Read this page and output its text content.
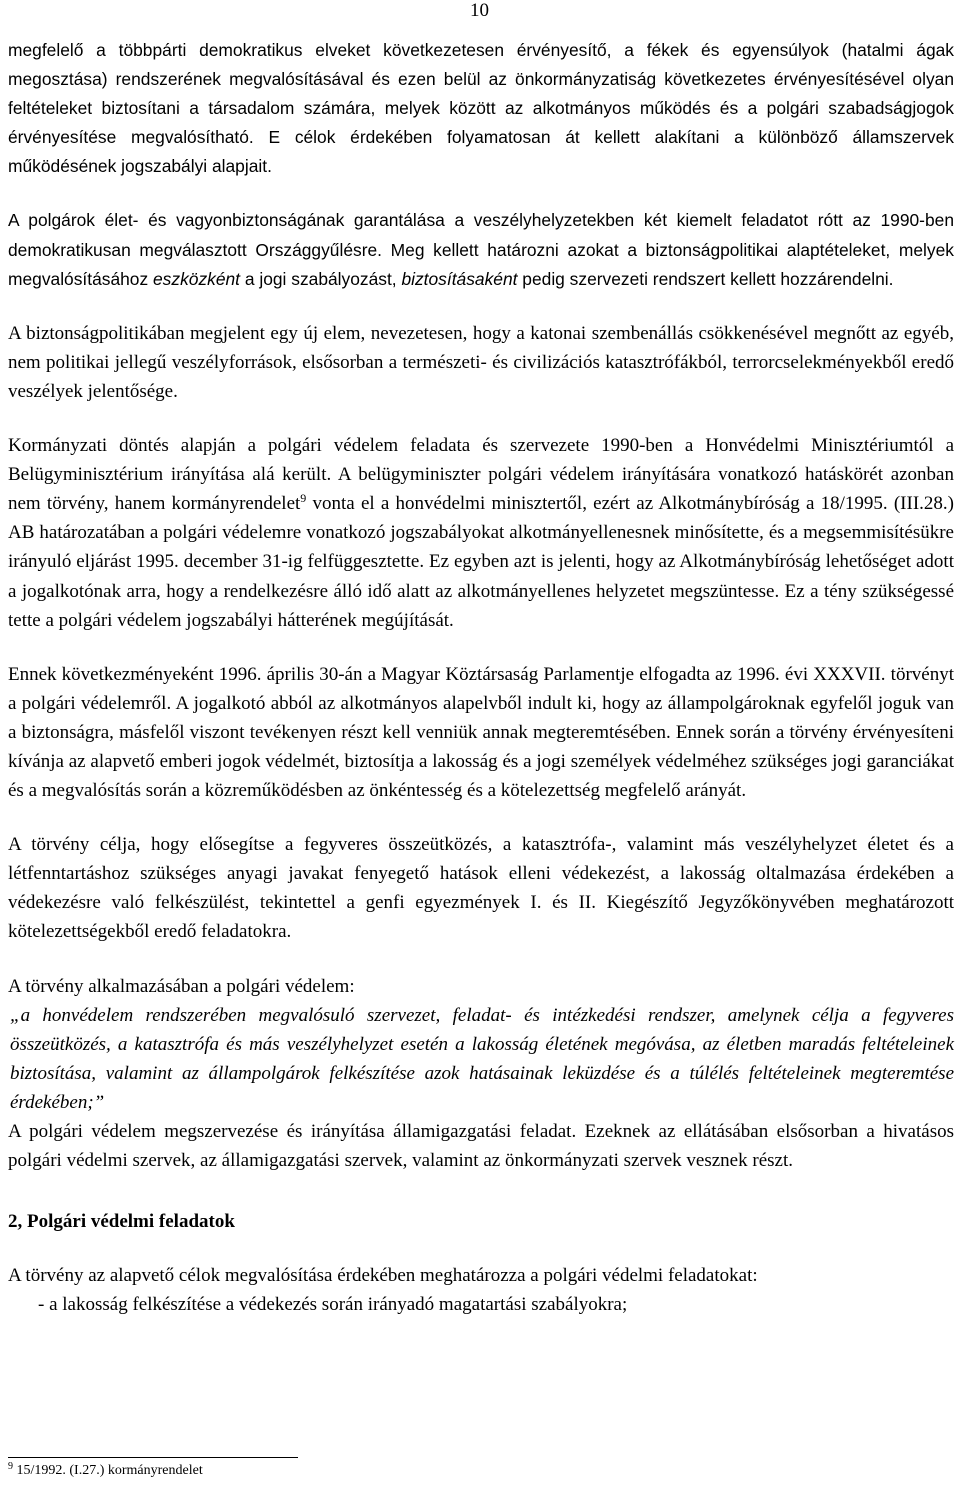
10

megfelelő a többpárti demokratikus elveket következetesen érvényesítő, a fékek és egyensúlyok (hatalmi ágak megosztása) rendszerének megvalósításával és ezen belül az önkormányzatiság következetes érvényesítésével olyan feltételeket biztosítani a társadalom számára, melyek között az alkotmányos működés és a polgári szabadságjogok érvényesítése megvalósítható. E célok érdekében folyamatosan át kellett alakítani a különböző államszervek működésének jogszabályi alapjait.

A polgárok élet- és vagyonbiztonságának garantálása a veszélyhelyzetekben két kiemelt feladatot rótt az 1990-ben demokratikusan megválasztott Országgyűlésre. Meg kellett határozni azokat a biztonságpolitikai alaptételeket, melyek megvalósításához eszközként a jogi szabályozást, biztosításaként pedig szervezeti rendszert kellett hozzárendelni.

A biztonságpolitikában megjelent egy új elem, nevezetesen, hogy a katonai szembenállás csökkenésével megnőtt az egyéb, nem politikai jellegű veszélyforrások, elsősorban a természeti- és civilizációs katasztrófákból, terrorcselekményekből eredő veszélyek jelentősége.

Kormányzati döntés alapján a polgári védelem feladata és szervezete 1990-ben a Honvédelmi Minisztériumtól a Belügyminisztérium irányítása alá került. A belügyminiszter polgári védelem irányítására vonatkozó hatáskörét azonban nem törvény, hanem kormányrendelet$^9$ vonta el a honvédelmi minisztertől, ezért az Alkotmánybíróság a 18/1995. (III.28.) AB határozatában a polgári védelemre vonatkozó jogszabályokat alkotmányellenesnek minősítette, és a megsemmisítésükre irányuló eljárást 1995. december 31-ig felfüggesztette. Ez egyben azt is jelenti, hogy az Alkotmánybíróság lehetőséget adott a jogalkotónak arra, hogy a rendelkezésre álló idő alatt az alkotmányellenes helyzetet megszüntesse. Ez a tény szükségessé tette a polgári védelem jogszabályi hátterének megújítását.

Ennek következményeként 1996. április 30-án a Magyar Köztársaság Parlamentje elfogadta az 1996. évi XXXVII. törvényt a polgári védelemről. A jogalkotó abból az alkotmányos alapelvből indult ki, hogy az állampolgároknak egyfelől joguk van a biztonságra, másfelől viszont tevékenyen részt kell venniük annak megteremtésében. Ennek során a törvény érvényesíteni kívánja az alapvető emberi jogok védelmét, biztosítja a lakosság és a jogi személyek védelméhez szükséges jogi garanciákat és a megvalósítás során a közreműködésben az önkéntesség és a kötelezettség megfelelő arányát.

A törvény célja, hogy elősegítse a fegyveres összeütközés, a katasztrófa-, valamint más veszélyhelyzet életet és a létfenntartáshoz szükséges anyagi javakat fenyegető hatások elleni védekezést, a lakosság oltalmazása érdekében a védekezésre való felkészülést, tekintettel a genfi egyezmények I. és II. Kiegészítő Jegyzőkönyvében meghatározott kötelezettségekből eredő feladatokra.

A törvény alkalmazásában a polgári védelem:

„a honvédelem rendszerében megvalósuló szervezet, feladat- és intézkedési rendszer, amelynek célja a fegyveres összeütközés, a katasztrófa és más veszélyhelyzet esetén a lakosság életének megóvása, az életben maradás feltételeinek biztosítása, valamint az állampolgárok felkészítése azok hatásainak leküzdése és a túlélés feltételeinek megteremtése érdekében;”

A polgári védelem megszervezése és irányítása államigazgatási feladat. Ezeknek az ellátásában elsősorban a hivatásos polgári védelmi szervek, az államigazgatási szervek, valamint az önkormányzati szervek vesznek részt.

2, Polgári védelmi feladatok

A törvény az alapvető célok megvalósítása érdekében meghatározza a polgári védelmi feladatokat:

- a lakosság felkészítése a védekezés során irányadó magatartási szabályokra;

$^9$ 15/1992. (I.27.) kormányrendelet
